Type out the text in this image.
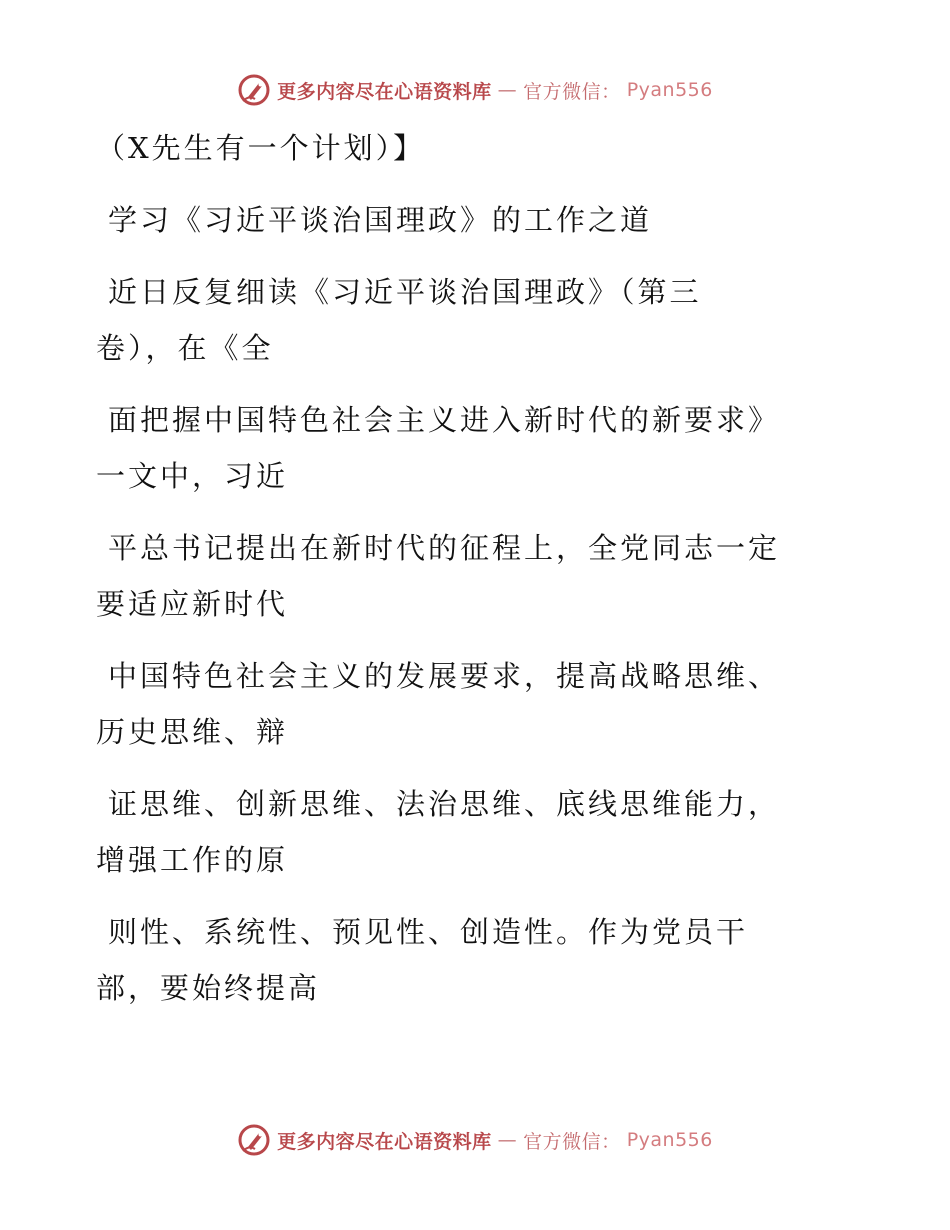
更多内容尽在心语资料库 — 官方微信： Pyan556
（X先生有一个计划）】
学习《习近平谈治国理政》的工作之道
近日反复细读《习近平谈治国理政》（第三
卷），在《全
面把握中国特色社会主义进入新时代的新要求》
一文中，习近
平总书记提出在新时代的征程上，全党同志一定
要适应新时代
中国特色社会主义的发展要求，提高战略思维、
历史思维、辩
证思维、创新思维、法治思维、底线思维能力，
增强工作的原
则性、系统性、预见性、创造性。作为党员干
部，要始终提高
更多内容尽在心语资料库 — 官方微信： Pyan556
